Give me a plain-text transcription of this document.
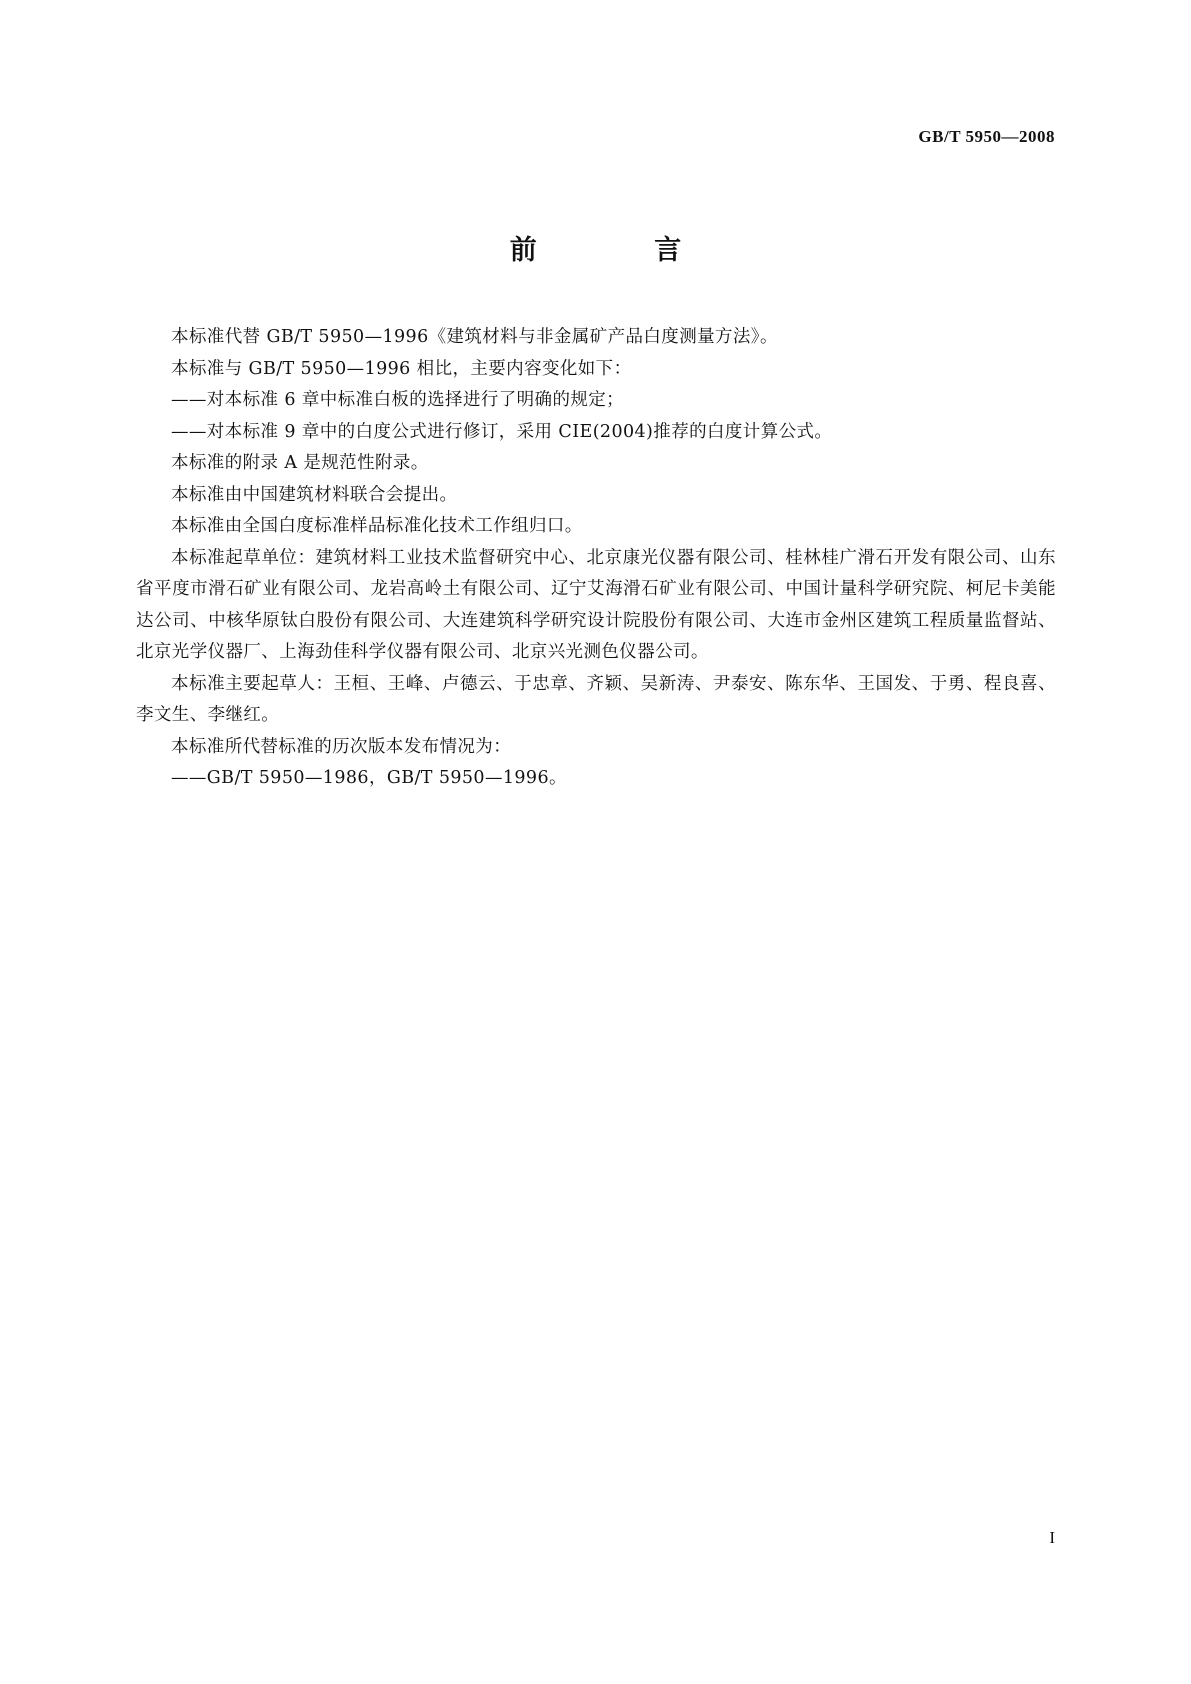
GB/T 5950—2008
前 言

本标准代替 GB/T 5950—1996《建筑材料与非金属矿产品白度测量方法》。

本标准与 GB/T 5950—1996 相比，主要内容变化如下：

——对本标准 6 章中标准白板的选择进行了明确的规定；

——对本标准 9 章中的白度公式进行修订，采用 CIE(2004)推荐的白度计算公式。

本标准的附录 A 是规范性附录。

本标准由中国建筑材料联合会提出。

本标准由全国白度标准样品标准化技术工作组归口。

本标准起草单位：建筑材料工业技术监督研究中心、北京康光仪器有限公司、桂林桂广滑石开发有限公司、山东省平度市滑石矿业有限公司、龙岩高岭土有限公司、辽宁艾海滑石矿业有限公司、中国计量科学研究院、柯尼卡美能达公司、中核华原钛白股份有限公司、大连建筑科学研究设计院股份有限公司、大连市金州区建筑工程质量监督站、北京光学仪器厂、上海劲佳科学仪器有限公司、北京兴光测色仪器公司。

本标准主要起草人：王桓、王峰、卢德云、于忠章、齐颖、吴新涛、尹泰安、陈东华、王国发、于勇、程良喜、李文生、李继红。

本标准所代替标准的历次版本发布情况为：

——GB/T 5950—1986，GB/T 5950—1996。

I
